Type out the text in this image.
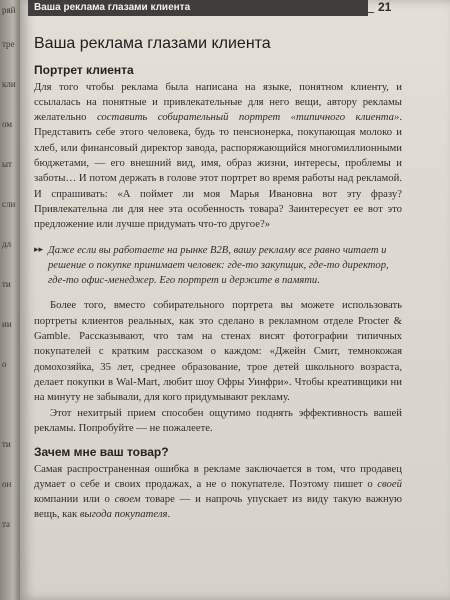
ряй
тре
кли
ом
ыт
сли
дл
ти
ии
о
ти
он
та
Ваша реклама глазами клиента	21
Ваша реклама глазами клиента
Портрет клиента

Для того чтобы реклама была написана на языке, понятном клиенту, и ссылалась на понятные и привлекательные для него вещи, автору рекламы желательно составить собирательный портрет «типичного клиента». Представить себе этого человека, будь то пенсионерка, покупающая молоко и хлеб, или финансовый директор завода, распоряжающийся многомиллионными бюджетами, — его внешний вид, имя, образ жизни, интересы, проблемы и заботы… И потом держать в голове этот портрет во время работы над рекламой. И спрашивать: «А поймет ли моя Марья Ивановна вот эту фразу? Привлекательна ли для нее эта особенность товара? Заинтересует ее вот это предложение или лучше придумать что-то другое?»

▸▸ Даже если вы работаете на рынке B2B, вашу рекламу все равно читает и решение о покупке принимает человек: где-то закупщик, где-то директор, где-то офис-менеджер. Его портрет и держите в памяти.

Более того, вместо собирательного портрета вы можете использовать портреты клиентов реальных, как это сделано в рекламном отделе Procter & Gamble. Рассказывают, что там на стенах висят фотографии типичных покупателей с кратким рассказом о каждом: «Джейн Смит, темнокожая домохозяйка, 35 лет, среднее образование, трое детей школьного возраста, делает покупки в Wal-Mart, любит шоу Офры Уинфри». Чтобы креативщики ни на минуту не забывали, для кого придумывают рекламу.

Этот нехитрый прием способен ощутимо поднять эффективность вашей рекламы. Попробуйте — не пожалеете.

Зачем мне ваш товар?

Самая распространенная ошибка в рекламе заключается в том, что продавец думает о себе и своих продажах, а не о покупателе. Поэтому пишет о своей компании или о своем товаре — и напрочь упускает из виду такую важную вещь, как выгода покупателя.
